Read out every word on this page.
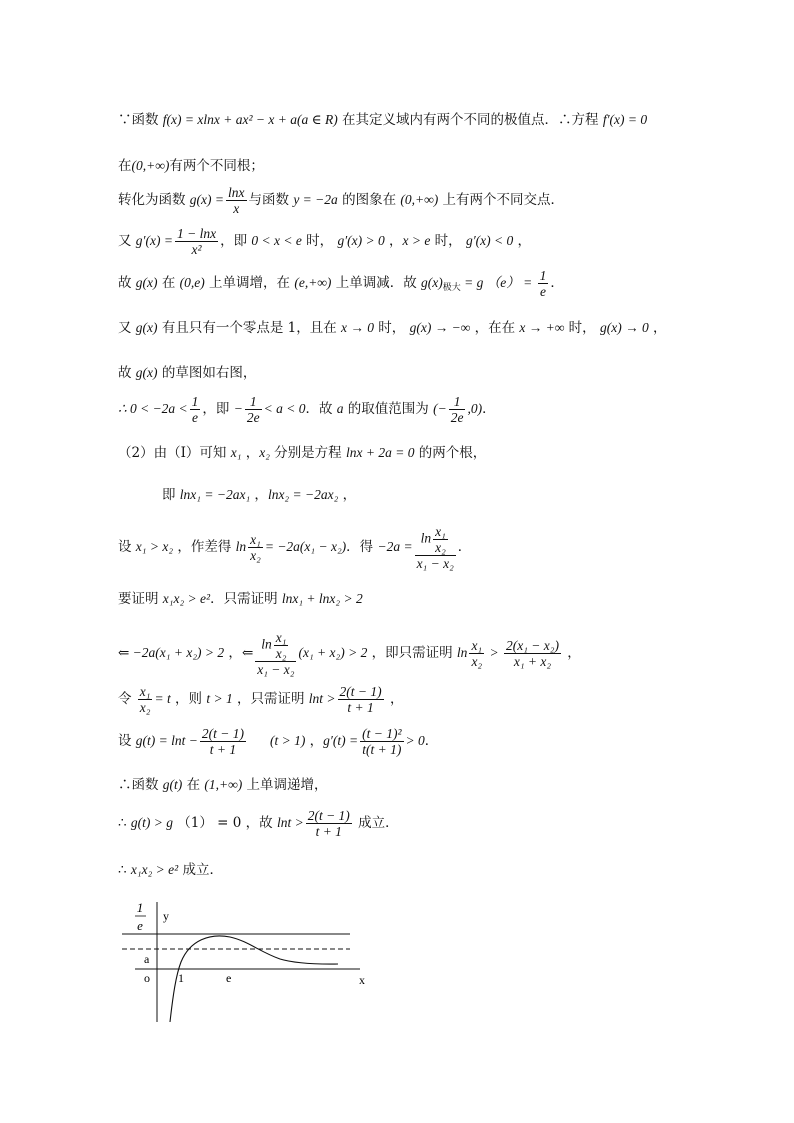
∵函数 f(x) = xlnx + ax² − x + a(a ∈ R) 在其定义域内有两个不同的极值点．∴方程 f′(x) = 0
在(0,+∞)有两个不同根；
转化为函数 $g(x) = \frac{\ln x}{x}$ 与函数 y = −2a 的图象在 (0,+∞) 上有两个不同交点．
又 $g'(x) = \frac{1 - \ln x}{\text{x²}}$ ，即 0 < x < e 时， g′(x) > 0 ，x > e 时， g′(x) < 0 ，
故 g(x) 在 (0,e) 上单调增，在 (e,+∞) 上单调减．故 $g(x)_{极大} = g$ $(e) = \frac{1}{e}$ ．
又 g(x) 有且只有一个零点是 1，且在 x → 0 时， g(x) → −∞ ，在在 x → +∞ 时， g(x) → 0 ，
故 g(x) 的草图如右图，
∴ $0 < -2a < \frac{1}{e}$ ，即 − $\frac{1}{2e} < a < 0$．故 a 的取值范围为 (− $\frac{1}{2e} ,0$)．
（2）由（Ⅰ）可知 x₁ ，x₂ 分别是方程 lnx + 2a = 0 的两个根，
即 lnx₁ = −2ax₁ ，lnx₂ = −2ax₂ ，
设 x₁ > x₂ ，作差得 $\ln \frac{\text{x₁}}{\text{x₂}} = -2a(x_1 - x_2)$．得 $-2a = \frac{\ln \frac{\text{x₁}}{\text{x₂}}}{\text{x₁ − x₂}}$ ．
要证明 x₁x₂ > e²．只需证明 lnx₁ + lnx₂ > 2
⇐ −2a(x₁ + x₂) > 2 ，⇐ $\frac{\ln \frac{\text{x₁}}{\text{x₂}}}{\text{x₁ − x₂}} (x_1 + x_2) > 2$ ，即只需证明 $\ln \frac{\text{x₁}}{\text{x₂}} > \frac{\text{2(x₁ − x₂)}}{\text{x₁ + x₂}}$ ，
令 $\frac{\text{x₁}}{\text{x₂}} = t$ ，则 t > 1 ，只需证明 $\ln t > \frac{2(t - 1)}{t + 1}$ ，
设 $g(t) = \ln t - \frac{2(t - 1)}{t + 1} (t > 1)$ ，$g'(t) = \frac{\text{(t − 1)²}}{t(t + 1)} > 0$．
∴函数 g(t) 在 (1,+∞) 上单调递增，
∴ g(t) > g （1） = 0 ，故 $\ln t > \frac{2(t - 1)}{t + 1}$ 成立．
∴ x₁x₂ > e² 成立．
1
e
y
a
o 1	e	x
